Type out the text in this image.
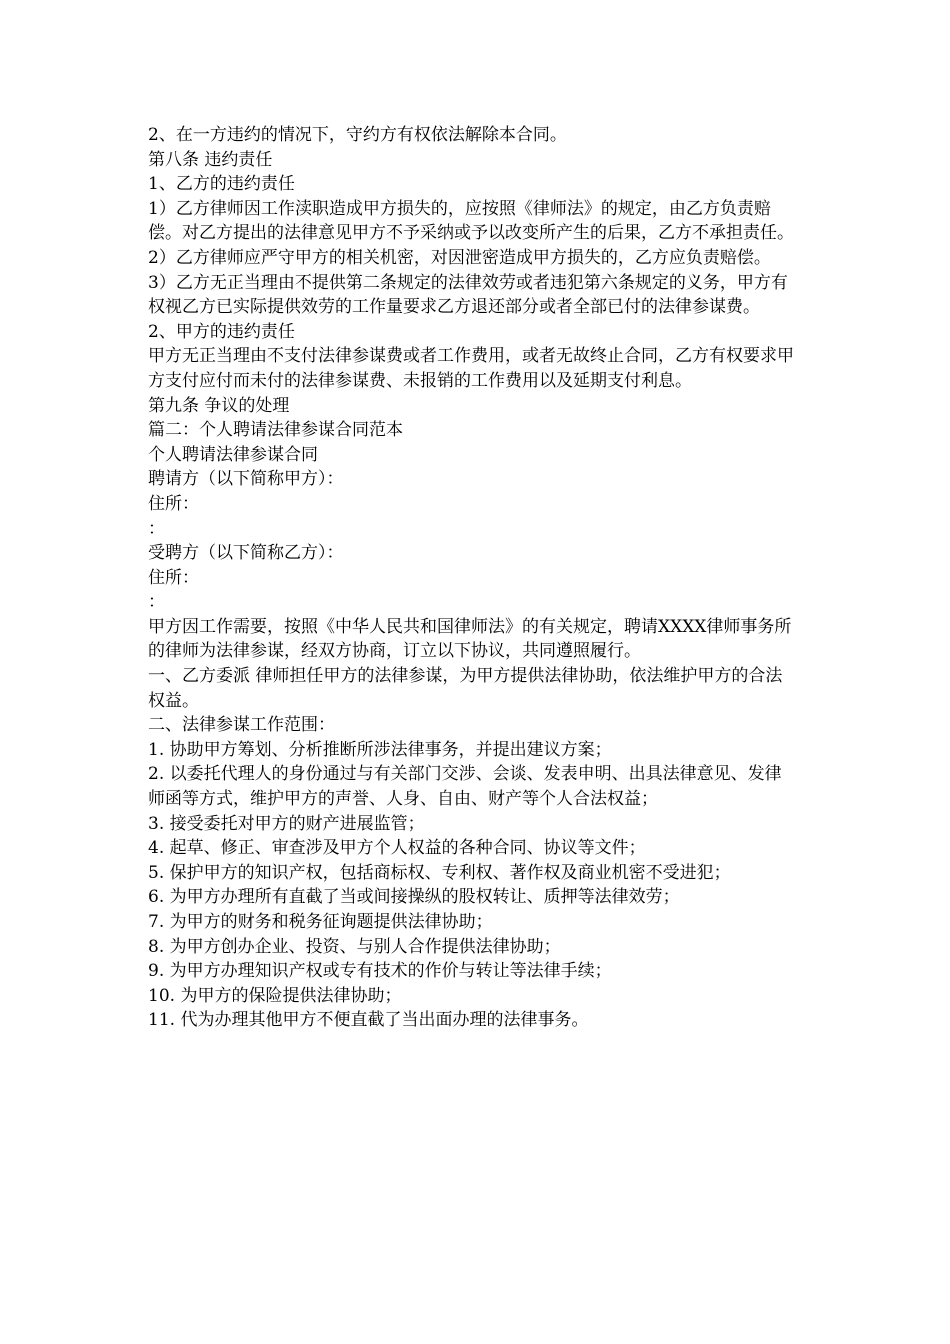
2、在一方违约的情况下，守约方有权依法解除本合同。

第八条 违约责任

1、乙方的违约责任

1）乙方律师因工作渎职造成甲方损失的，应按照《律师法》的规定，由乙方负责赔偿。对乙方提出的法律意见甲方不予采纳或予以改变所产生的后果，乙方不承担责任。

2）乙方律师应严守甲方的相关机密，对因泄密造成甲方损失的，乙方应负责赔偿。

3）乙方无正当理由不提供第二条规定的法律效劳或者违犯第六条规定的义务，甲方有权视乙方已实际提供效劳的工作量要求乙方退还部分或者全部已付的法律参谋费。

2、甲方的违约责任

甲方无正当理由不支付法律参谋费或者工作费用，或者无故终止合同，乙方有权要求甲方支付应付而未付的法律参谋费、未报销的工作费用以及延期支付利息。

第九条 争议的处理

篇二：个人聘请法律参谋合同范本

个人聘请法律参谋合同

聘请方（以下简称甲方）：

住所：

：

受聘方（以下简称乙方）：

住所：

：

甲方因工作需要，按照《中华人民共和国律师法》的有关规定，聘请XXXX律师事务所的律师为法律参谋，经双方协商，订立以下协议，共同遵照履行。

一、乙方委派 律师担任甲方的法律参谋，为甲方提供法律协助，依法维护甲方的合法权益。

二、法律参谋工作范围：

1. 协助甲方筹划、分析推断所涉法律事务，并提出建议方案；

2. 以委托代理人的身份通过与有关部门交涉、会谈、发表申明、出具法律意见、发律师函等方式，维护甲方的声誉、人身、自由、财产等个人合法权益；

3. 接受委托对甲方的财产进展监管；

4. 起草、修正、审查涉及甲方个人权益的各种合同、协议等文件；

5. 保护甲方的知识产权，包括商标权、专利权、著作权及商业机密不受进犯；

6. 为甲方办理所有直截了当或间接操纵的股权转让、质押等法律效劳；

7. 为甲方的财务和税务征询题提供法律协助；

8. 为甲方创办企业、投资、与别人合作提供法律协助；

9. 为甲方办理知识产权或专有技术的作价与转让等法律手续；

10. 为甲方的保险提供法律协助；

11. 代为办理其他甲方不便直截了当出面办理的法律事务。
